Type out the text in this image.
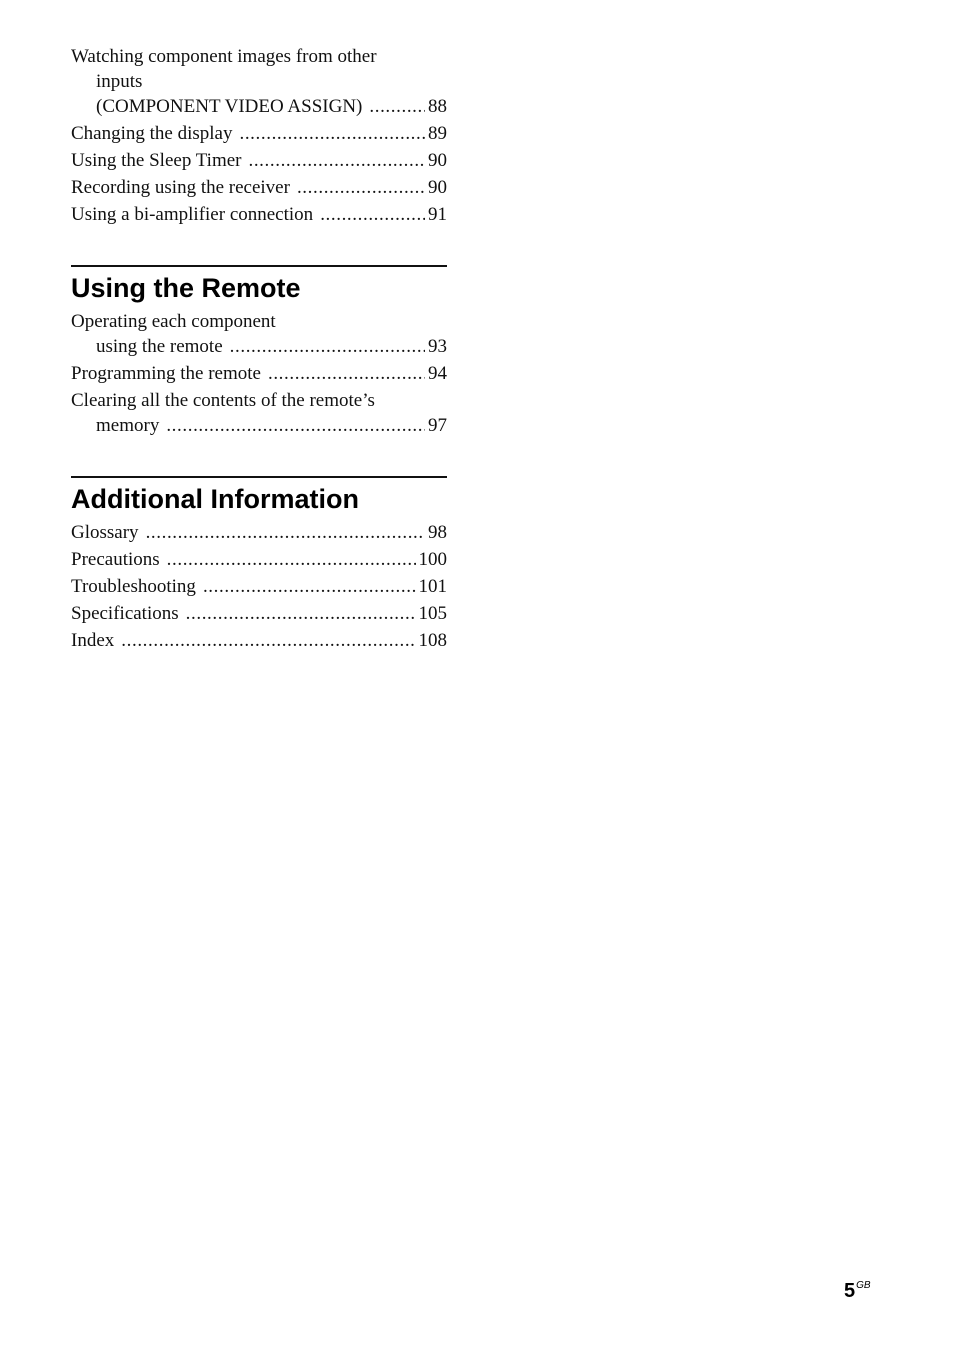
Watching component images from other
inputs
(COMPONENT VIDEO ASSIGN) .....	88
Changing the display .....	89
Using the Sleep Timer .....	90
Recording using the receiver .....	90
Using a bi-amplifier connection .....	91
Using the Remote
Operating each component
using the remote .....	93
Programming the remote .....	94
Clearing all the contents of the remote’s
memory .....	97
Additional Information
Glossary .....	98
Precautions .....	100
Troubleshooting .....	101
Specifications .....	105
Index .....	108
$5^{GB}$
